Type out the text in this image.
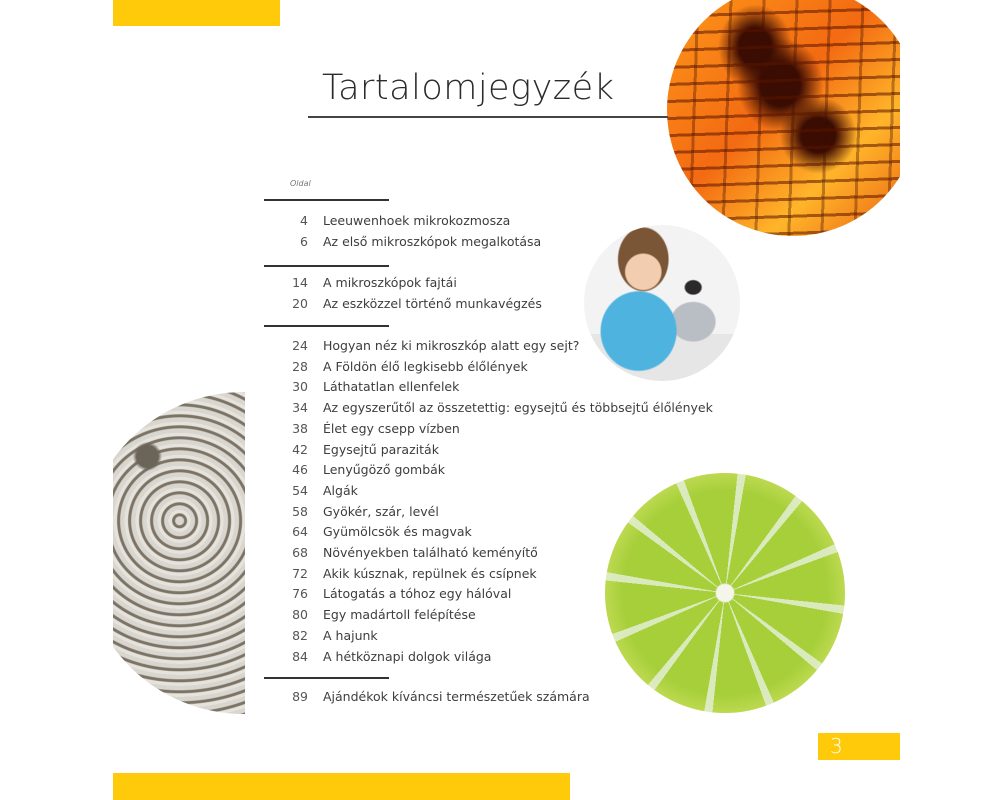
Tartalomjegyzék
Oldal
4 Leeuwenhoek mikrokozmosza
6 Az első mikroszkópok megalkotása
14 A mikroszkópok fajtái
20 Az eszközzel történő munkavégzés
24 Hogyan néz ki mikroszkóp alatt egy sejt?
28 A Földön élő legkisebb élőlények
30 Láthatatlan ellenfelek
34 Az egyszerűtől az összetettig: egysejtű és többsejtű élőlények
38 Élet egy csepp vízben
42 Egysejtű paraziták
46 Lenyűgöző gombák
54 Algák
58 Gyökér, szár, levél
64 Gyümölcsök és magvak
68 Növényekben található keményítő
72 Akik kúsznak, repülnek és csípnek
76 Látogatás a tóhoz egy hálóval
80 Egy madártoll felépítése
82 A hajunk
84 A hétköznapi dolgok világa
89 Ajándékok kíváncsi természetűek számára
3
